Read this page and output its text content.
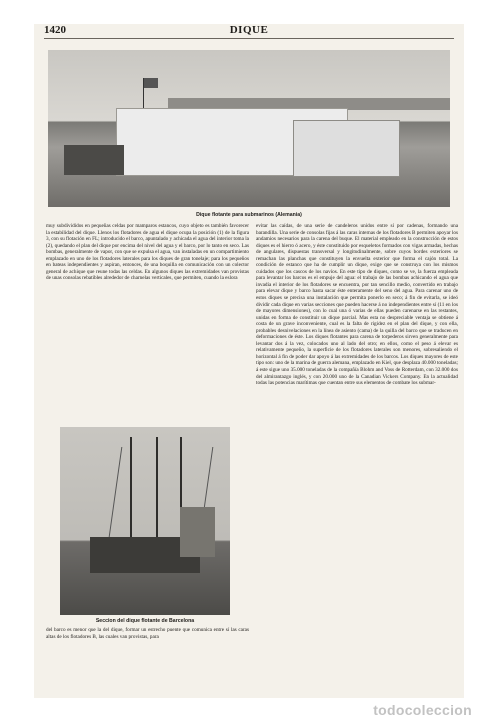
1420	DIQUE
Dique flotante para submarinos (Alemania)

muy subdivididos en pequeñas celdas por mamparos estancos, cuyo objeto es también favorecer la estabilidad del dique. Llenos los flotadores de agua el dique ocupa la posición (1) de la figura 3, con su flotación en FL; introducido el barco, apuntalado y achicada el agua del interior toma la (2), quedando el plan del dique por encima del nivel del agua y el barco, por lo tanto en seco. Las bombas, generalmente de vapor, con que se expulsa el agua, van instaladas en un compartimiento emplazado en uno de los flotadores laterales para los diques de gran tonelaje; para los pequeños en bateas independientes y aspiran, entonces, de una boquilla en comunicación con un colector general de achique que reune todas las celdas. En algunos diques las extremidades van provistas de unas consolas rebatibles alrededor de charnelas verticales, que permiten, cuando la eslora

Seccion del dique flotante de Barcelona

del barco es menor que la del dique, formar un estrecho puente que comunica entre sí las caras altas de los flotadores B, las cuales van provistas, para

evitar las caídas, de una serie de candeleros unidos entre sí por cadenas, formando una barandilla. Una serie de consolas fijas á las caras internas de los flotadores B permiten apoyar los andamios necesarios para la carena del buque. El material empleado en la construcción de estos diques es el hierro ó acero, y éste constituido por esqueletos formados con vigas armadas, hechas de angulares, dispuestas transversal y longitudinalmente, sobre cuyos bordes exteriores se remachan las planchas que constituyen la envuelta exterior que forma el cajón total. La condición de estanco que ha de cumplir un dique, exige que se construya con los mismos cuidados que los cascos de los navíos. En este tipo de diques, como se ve, la fuerza empleada para levantar los barcos es el empuje del agua: el trabajo de las bombas achicando el agua que invadía el interior de los flotadores se encuentra, por tan sencillo medio, convertido en trabajo para elevar dique y barco hasta sacar éste enteramente del seno del agua. Para carenar uno de estos diques se precisa una instalación que permita ponerlo en seco; á fin de evitarla, se ideó dividir cada dique en varias secciones que pueden hacerse á no independientes entre sí (11 en los de mayores dimensiones), con lo cual una ó varias de ellas pueden carenarse en las restantes, unidas en forma de constituir un dique parcial. Mas esta no despreciable ventaja se obtiene á costa de un grave inconveniente, cual es la falta de rigidez en el plan del dique, y con ella, probables desnivelaciones en la línea de asiento (cama) de la quilla del barco que se traducen en deformaciones de éste. Los diques flotantes para carena de torpederos sirven generalmente para levantar dos á la vez, colocados uno al lado del otro; en ellos, como el peso á elevar es relativamente pequeño, la superficie de los flotadores laterales son menores, sobresaliendo el horizontal á fin de poder dar apoyo á las extremidades de los barcos. Los diques mayores de este tipo son: uno de la marina de guerra alemana, emplazado en Kiel, que desplaza 40.000 toneladas; á este sigue uno 35.000 toneladas de la compañía Blohm and Voss de Rotterdam, con 32.000 dos del almirantazgo inglés, y con 20.000 uno de la Canadian Vickers Company. En la actualidad todas las potencias marítimas que cuentan entre sus elementos de combate los submar-

todocoleccion
